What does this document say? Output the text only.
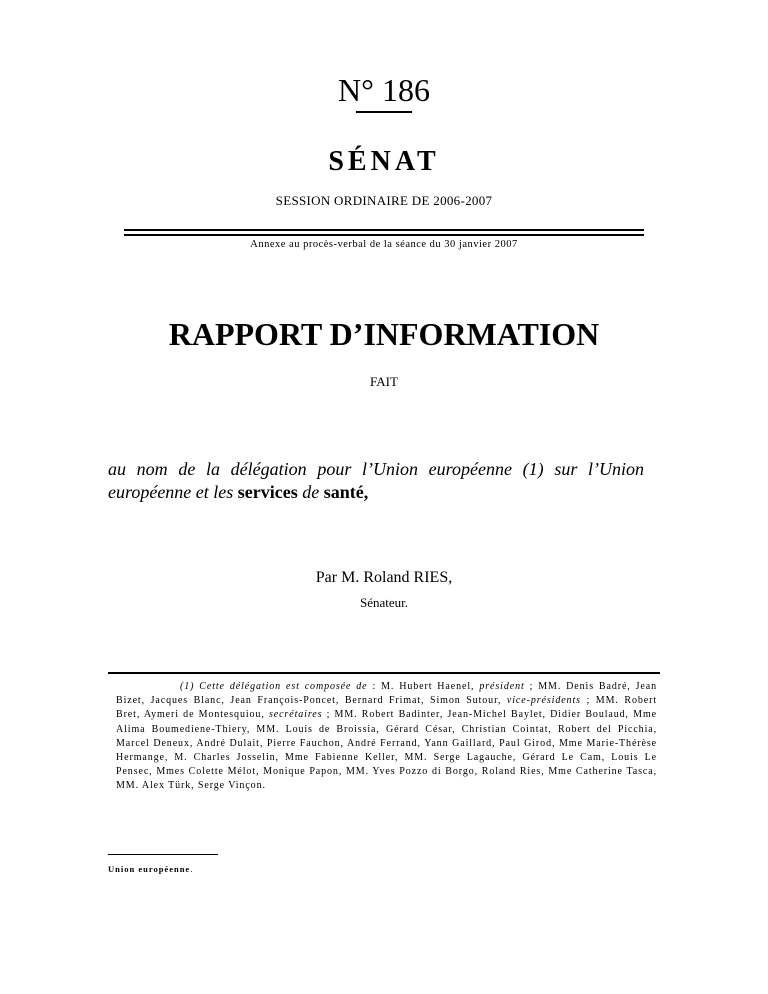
N° 186
SÉNAT
SESSION ORDINAIRE DE 2006-2007
Annexe au procès-verbal de la séance du 30 janvier 2007
RAPPORT D’INFORMATION
FAIT
au nom de la délégation pour l’Union européenne (1) sur l’Union européenne et les services de santé,
Par M. Roland RIES,
Sénateur.
(1) Cette délégation est composée de : M. Hubert Haenel, président ; MM. Denis Badré, Jean Bizet, Jacques Blanc, Jean François-Poncet, Bernard Frimat, Simon Sutour, vice-présidents ; MM. Robert Bret, Aymeri de Montesquiou, secrétaires ; MM. Robert Badinter, Jean-Michel Baylet, Didier Boulaud, Mme Alima Boumediene-Thiery, MM. Louis de Broissia, Gérard César, Christian Cointat, Robert del Picchia, Marcel Deneux, André Dulait, Pierre Fauchon, André Ferrand, Yann Gaillard, Paul Girod, Mme Marie-Thérèse Hermange, M. Charles Josselin, Mme Fabienne Keller, MM. Serge Lagauche, Gérard Le Cam, Louis Le Pensec, Mmes Colette Mélot, Monique Papon, MM. Yves Pozzo di Borgo, Roland Ries, Mme Catherine Tasca, MM. Alex Türk, Serge Vinçon.
Union européenne.
